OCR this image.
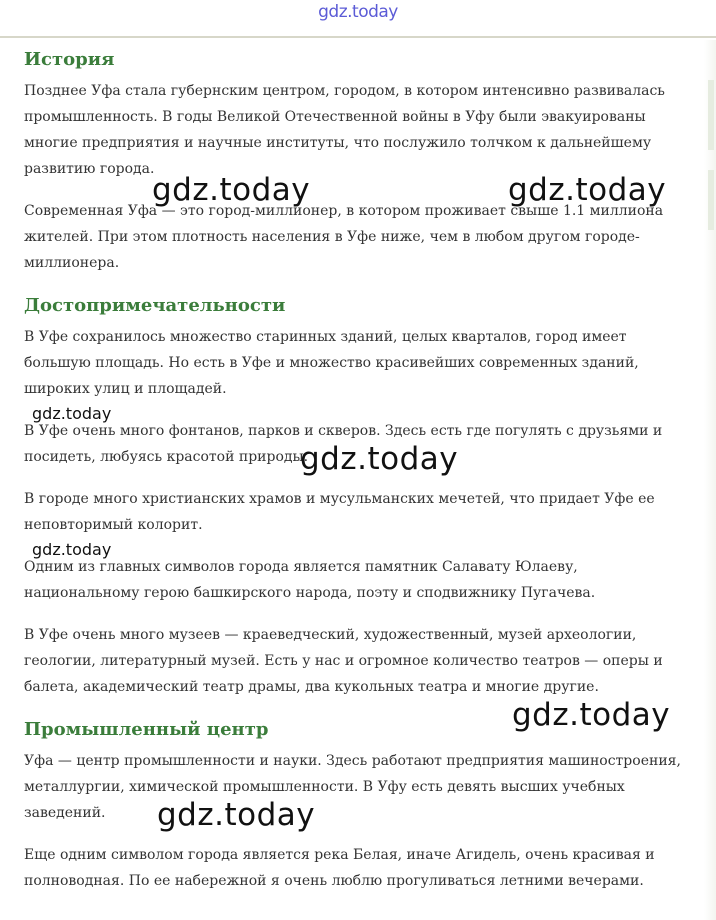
gdz.today
История

Позднее Уфа стала губернским центром, городом, в котором интенсивно развивалась промышленность. В годы Великой Отечественной войны в Уфу были эвакуированы многие предприятия и научные институты, что послужило толчком к дальнейшему развитию города.

Современная Уфа — это город-миллионер, в котором проживает свыше 1.1 миллиона жителей. При этом плотность населения в Уфе ниже, чем в любом другом городе-миллионера.

Достопримечательности

В Уфе сохранилось множество старинных зданий, целых кварталов, город имеет большую площадь. Но есть в Уфе и множество красивейших современных зданий, широких улиц и площадей.

В Уфе очень много фонтанов, парков и скверов. Здесь есть где погулять с друзьями и посидеть, любуясь красотой природы.

В городе много христианских храмов и мусульманских мечетей, что придает Уфе ее неповторимый колорит.

Одним из главных символов города является памятник Салавату Юлаеву, национальному герою башкирского народа, поэту и сподвижнику Пугачева.

В Уфе очень много музеев — краеведческий, художественный, музей археологии, геологии, литературный музей. Есть у нас и огромное количество театров — оперы и балета, академический театр драмы, два кукольных театра и многие другие.

Промышленный центр

Уфа — центр промышленности и науки. Здесь работают предприятия машиностроения, металлургии, химической промышленности. В Уфу есть девять высших учебных заведений.

Еще одним символом города является река Белая, иначе Агидель, очень красивая и полноводная. По ее набережной я очень люблю прогуливаться летними вечерами.

gdz.today	gdz.today
gdz.today
gdz.today
gdz.today
gdz.today
gdz.today
